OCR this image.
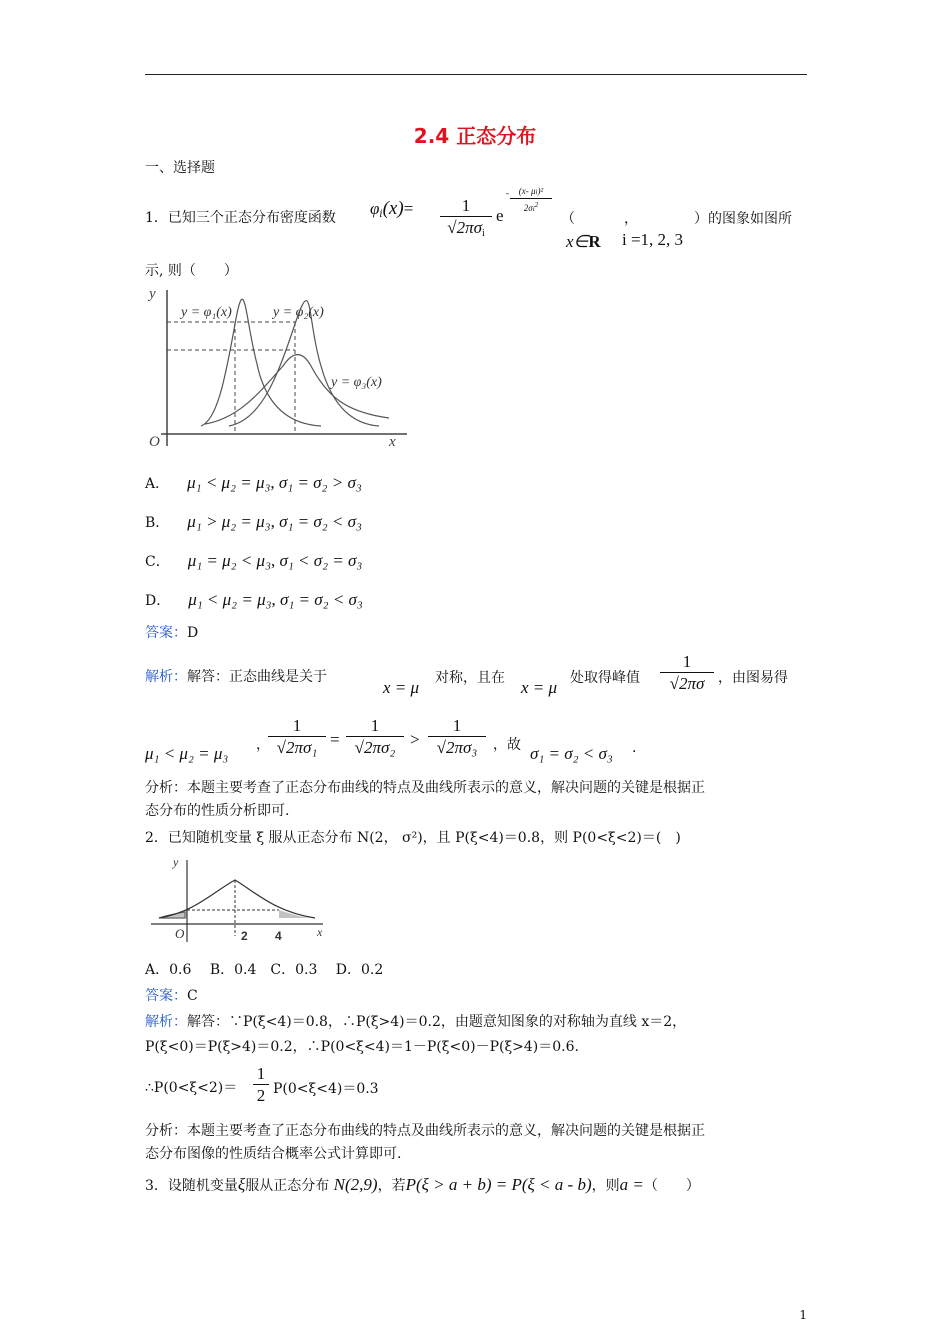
2.4 正态分布
一、选择题
1．已知三个正态分布密度函数 $\varphi_i(x)=$	1
$√2\pi\sigma_i$
e
-	(x- μi)²
$2\sigma i^2$
（	，
x∈R i =1, 2, 3
）的图象如图所
示, 则（　　）
y
x
O
y = φ₁(x)	y = φ₂(x)
y = φ₃(x)
A． μ₁ < μ₂ = μ₃, σ₁ = σ₂ > σ₃
B． μ₁ > μ₂ = μ₃, σ₁ = σ₂ < σ₃
C． μ₁ = μ₂ < μ₃, σ₁ < σ₂ = σ₃
D． μ₁ < μ₂ = μ₃, σ₁ = σ₂ < σ₃
答案：D
解析：解答：正态曲线是关于
x = μ 对称，且在 x = μ 处取得峰值
1
√2πσ ，由图易得
μ₁ < μ₂ = μ₃ ，
1
√2πσ₁ =
1
√2πσ₂ >
1
√2πσ₃	，故 σ₁ = σ₂ < σ₃ .
分析：本题主要考查了正态分布曲线的特点及曲线所表示的意义，解决问题的关键是根据正
态分布的性质分析即可.
2．已知随机变量 ξ 服从正态分布 N(2， σ²)，且 P(ξ<4)＝0.8，则 P(0<ξ<2)＝(　)
y
x
O	2 4
A．0.6　 B．0.4　C．0.3　 D．0.2
答案：C
解析：解答：∵P(ξ<4)＝0.8，∴P(ξ>4)＝0.2，由题意知图象的对称轴为直线 x＝2，
P(ξ<0)＝P(ξ>4)＝0.2，∴P(0<ξ<4)＝1－P(ξ<0)－P(ξ>4)＝0.6.
∴P(0<ξ<2)＝
1
2 P(0<ξ<4)＝0.3
分析：本题主要考查了正态分布曲线的特点及曲线所表示的意义，解决问题的关键是根据正
态分布图像的性质结合概率公式计算即可.
3．设随机变量ξ服从正态分布 N(2,9)，若P(ξ > a + b) = P(ξ < a - b)，则a =（　　）
1
